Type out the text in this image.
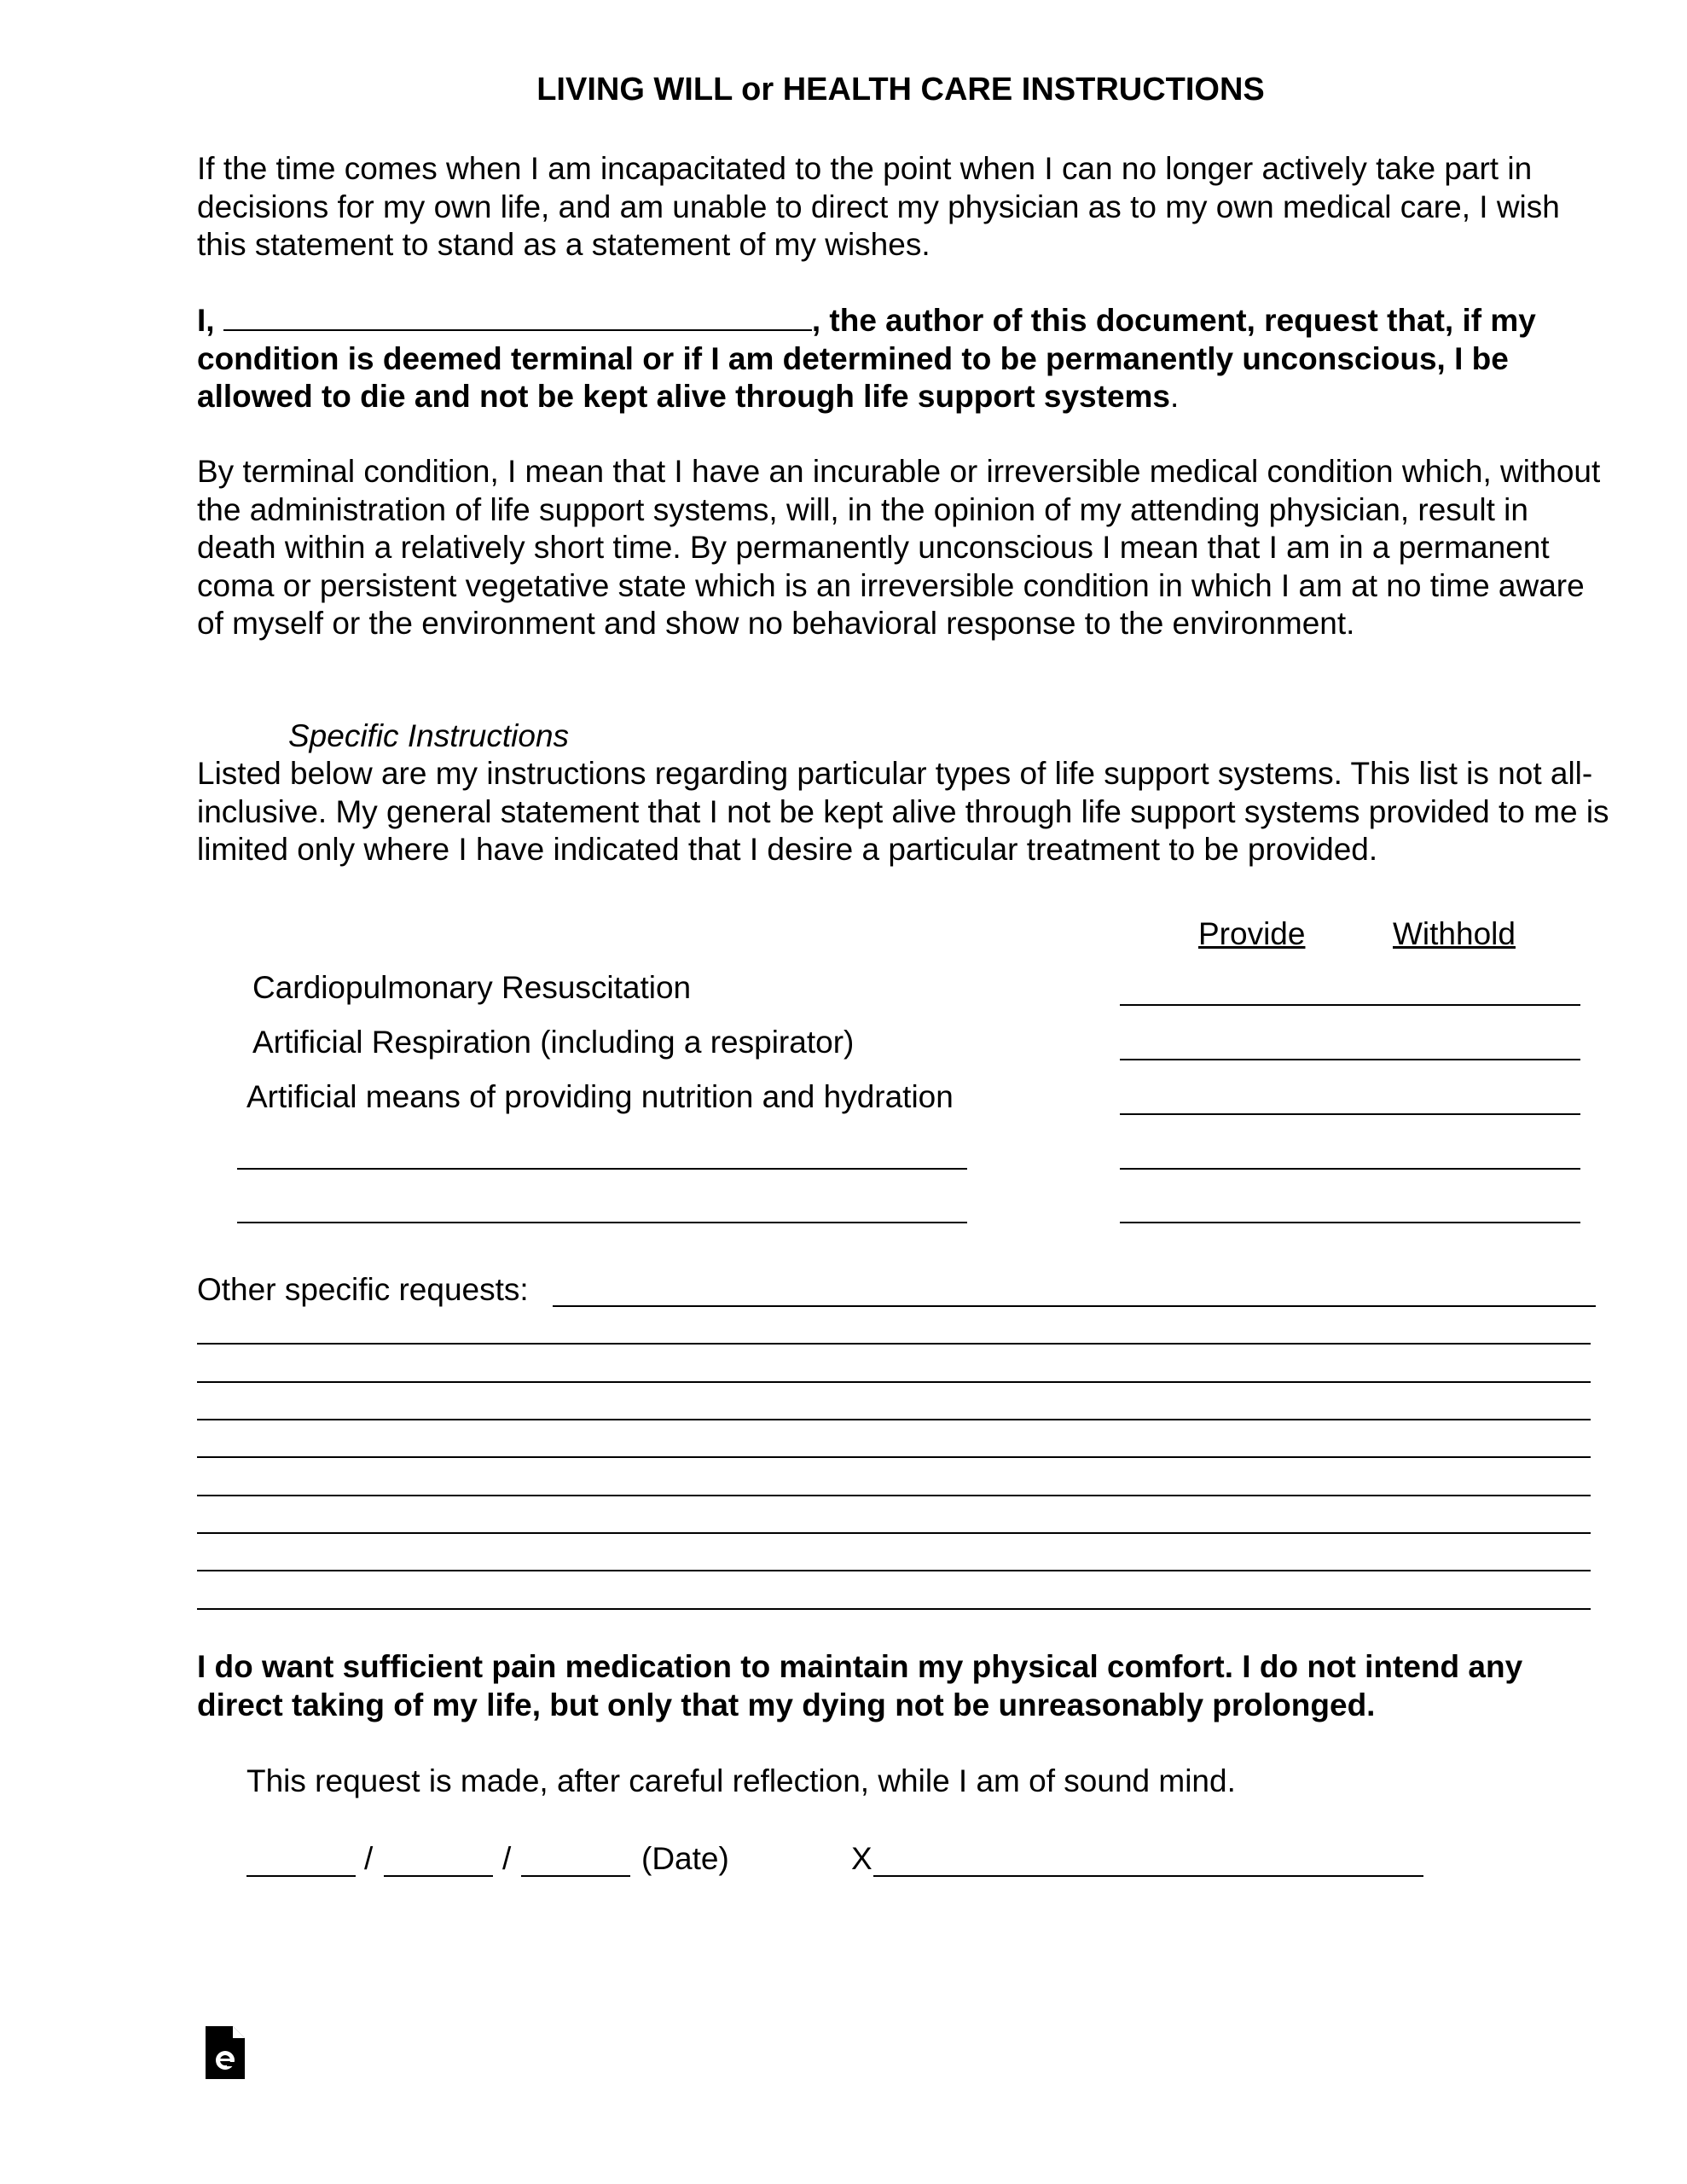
LIVING WILL or HEALTH CARE INSTRUCTIONS

If the time comes when I am incapacitated to the point when I can no longer actively take part in decisions for my own life, and am unable to direct my physician as to my own medical care, I wish this statement to stand as a statement of my wishes.

I,	, the author of this document, request that, if my condition is deemed terminal or if I am determined to be permanently unconscious, I be allowed to die and not be kept alive through life support systems.

By terminal condition, I mean that I have an incurable or irreversible medical condition which, without the administration of life support systems, will, in the opinion of my attending physician, result in death within a relatively short time. By permanently unconscious I mean that I am in a permanent coma or persistent vegetative state which is an irreversible condition in which I am at no time aware of myself or the environment and show no behavioral response to the environment.

Specific Instructions

Listed below are my instructions regarding particular types of life support systems. This list is not all-inclusive. My general statement that I not be kept alive through life support systems provided to me is limited only where I have indicated that I desire a particular treatment to be provided.

Provide	Withhold
Cardiopulmonary Resuscitation
Artificial Respiration (including a respirator)
Artificial means of providing nutrition and hydration
Other specific requests:

I do want sufficient pain medication to maintain my physical comfort. I do not intend any direct taking of my life, but only that my dying not be unreasonably prolonged.

This request is made, after careful reflection, while I am of sound mind.
/	/	(Date)	X
